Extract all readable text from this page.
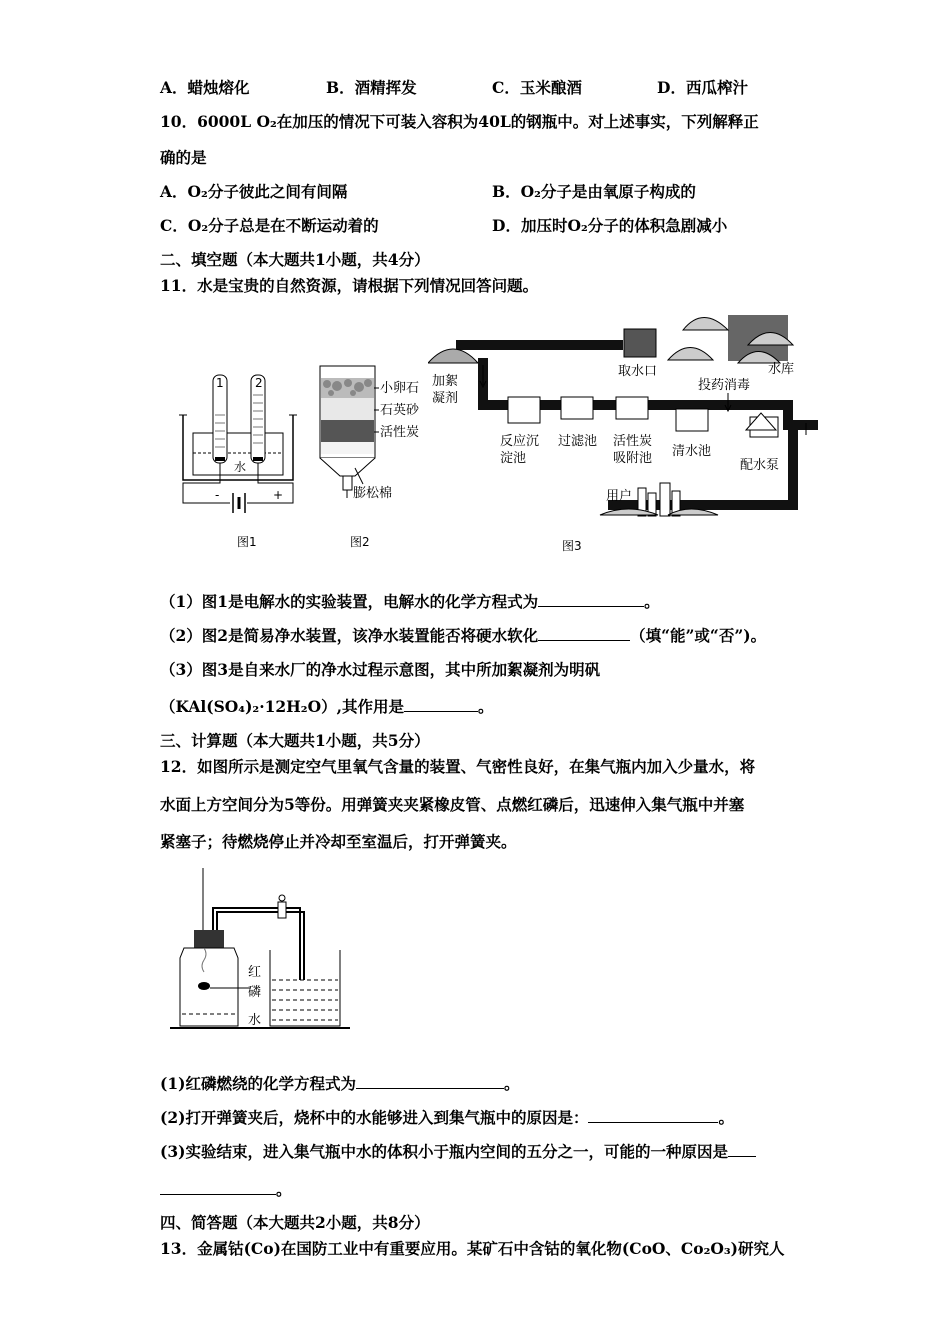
A．蜡烛熔化	B．酒精挥发	C．玉米酿酒	D．西瓜榨汁
10．6000L O₂在加压的情况下可装入容积为40L的钢瓶中。对上述事实，下列解释正
确的是
A．O₂分子彼此之间有间隔	B．O₂分子是由氧原子构成的
C．O₂分子总是在不断运动着的	D．加压时O₂分子的体积急剧减小
二、填空题（本大题共1小题，共4分）
11．水是宝贵的自然资源，请根据下列情况回答问题。
1	2
水
-	+
图1
小卵石
石英砂
活性炭
膨松棉
图2
水库
取水口
加絮
凝剂
投药消毒
反应沉
淀池
过滤池 活性炭
吸附池 清水池
配水泵
用户
图3
（1）图1是电解水的实验装置，电解水的化学方程式为	。
（2）图2是简易净水装置，该净水装置能否将硬水软化	（填“能”或“否”)。
（3）图3是自来水厂的净水过程示意图，其中所加絮凝剂为明矾
（KAl(SO₄)₂·12H₂O）,其作用是	。
三、计算题（本大题共1小题，共5分）
12．如图所示是测定空气里氧气含量的装置、气密性良好，在集气瓶内加入少量水，将
水面上方空间分为5等份。用弹簧夹夹紧橡皮管、点燃红磷后，迅速伸入集气瓶中并塞
紧塞子；待燃烧停止并冷却至室温后，打开弹簧夹。
红
磷
水
(1)红磷燃绕的化学方程式为	。
(2)打开弹簧夹后，烧杯中的水能够进入到集气瓶中的原因是：	。
(3)实验结束，进入集气瓶中水的体积小于瓶内空间的五分之一，可能的一种原因是
。
四、简答题（本大题共2小题，共8分）
13．金属钴(Co)在国防工业中有重要应用。某矿石中含钴的氧化物(CoO、Co₂O₃)研究人
